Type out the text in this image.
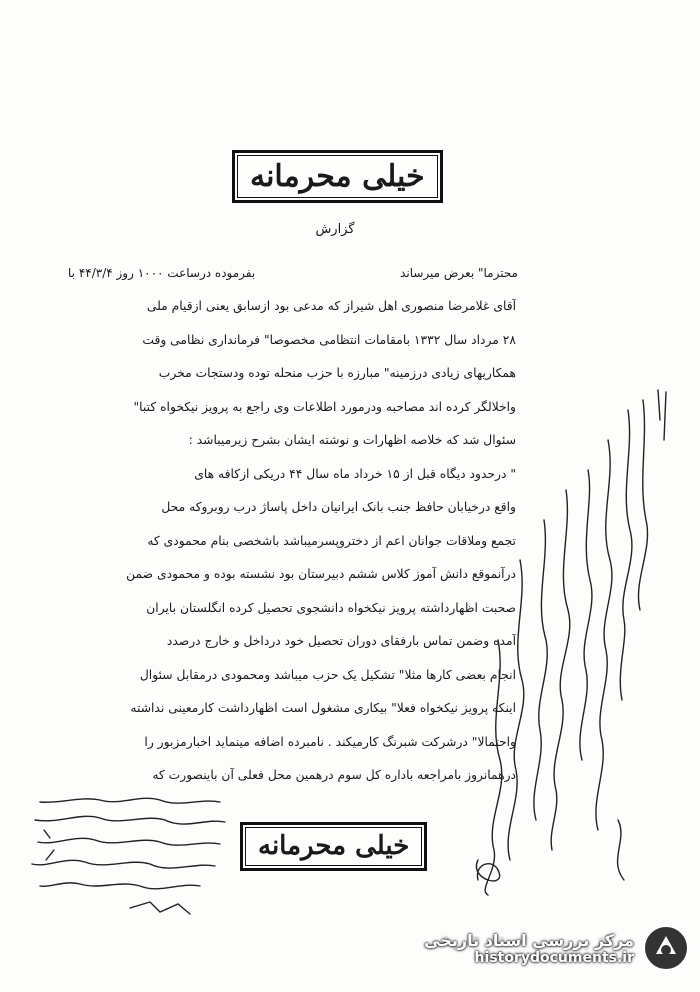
خیلی محرمانه
گزارش
محترما" بعرض میرساند
بفرموده درساعت ۱۰۰۰ روز ۴۴/۳/۴ با
آقای غلامرضا منصوری اهل شیراز که مدعی بود ازسابق یعنی ازقیام ملی
۲۸ مرداد سال ۱۳۳۲ بامقامات انتظامی مخصوصا" فرمانداری نظامی وقت
همکاریهای زیادی درزمینه" مبارزه با حزب منحله توده ودستجات مخرب
واخلالگر کرده اند مصاحبه ودرمورد اطلاعات وی راجع به پرویز نیکخواه کتبا"
سئوال شد که خلاصه اظهارات و نوشته ایشان بشرح زیرمیباشد :
" درحدود دیگاه قبل از ۱۵ خرداد ماه سال ۴۴ دریکی ازکافه های
واقع درخیابان حافظ جنب بانک ایرانیان داخل پاساژ درب روبروکه محل
تجمع وملاقات جوانان اعم از دختروپسرمیباشد باشخصی بنام محمودی که
درآنموقع دانش آموز کلاس ششم دبیرستان بود نشسته بوده و محمودی ضمن
صحبت اظهارداشته پرویز نیکخواه دانشجوی تحصیل کرده انگلستان بایران
آمده وضمن تماس بارفقای دوران تحصیل خود درداخل و خارج درصدد
انجام بعضی کارها مثلا" تشکیل یک حزب میباشد ومحمودی درمقابل سئوال
اینکه پرویز نیکخواه فعلا" بیکاری مشغول است اظهارداشت کارمعینی نداشته
واحتمالا" درشرکت شبرنگ کارمیکند . نامبرده اضافه مینماید اخبارمزبور را
درهمانروز بامراجعه باداره کل سوم درهمین محل فعلی آن باینصورت که
خیلی محرمانه
مرکز بررسی اسناد تاریخی
historydocuments.ir
